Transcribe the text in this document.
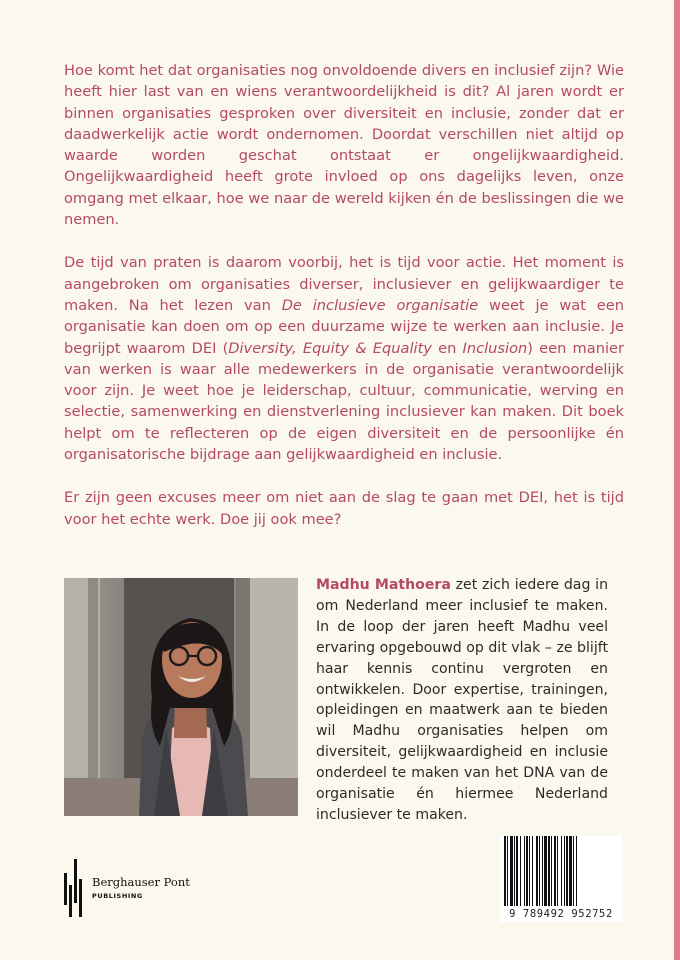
Hoe komt het dat organisaties nog onvoldoende divers en inclusief zijn? Wie heeft hier last van en wiens verantwoordelijkheid is dit? Al jaren wordt er binnen organisaties gesproken over diversiteit en inclusie, zonder dat er daadwerkelijk actie wordt ondernomen. Doordat verschillen niet altijd op waarde worden geschat ontstaat er ongelijkwaardigheid. Ongelijkwaardigheid heeft grote invloed op ons dagelijks leven, onze omgang met elkaar, hoe we naar de wereld kijken én de beslissingen die we nemen.

De tijd van praten is daarom voorbij, het is tijd voor actie. Het moment is aangebroken om organisaties diverser, inclusiever en gelijkwaardiger te maken. Na het lezen van De inclusieve organisatie weet je wat een organisatie kan doen om op een duurzame wijze te werken aan inclusie. Je begrijpt waarom DEI (Diversity, Equity & Equality en Inclusion) een manier van werken is waar alle medewerkers in de organisatie verantwoordelijk voor zijn. Je weet hoe je leiderschap, cultuur, communicatie, werving en selectie, samenwerking en dienstverlening inclusiever kan maken. Dit boek helpt om te reflecteren op de eigen diversiteit en de persoonlijke én organisatorische bijdrage aan gelijkwaardigheid en inclusie.

Er zijn geen excuses meer om niet aan de slag te gaan met DEI, het is tijd voor het echte werk. Doe jij ook mee?

Madhu Mathoera zet zich iedere dag in om Nederland meer inclusief te maken. In de loop der jaren heeft Madhu veel ervaring opgebouwd op dit vlak – ze blijft haar kennis continu vergroten en ontwikkelen. Door expertise, trainingen, opleidingen en maatwerk aan te bieden wil Madhu organisaties helpen om diversiteit, gelijkwaardigheid en inclusie onderdeel te maken van het DNA van de organisatie én hiermee Nederland inclusiever te maken.
Berghauser Pont
PUBLISHING
9 789492 952752
